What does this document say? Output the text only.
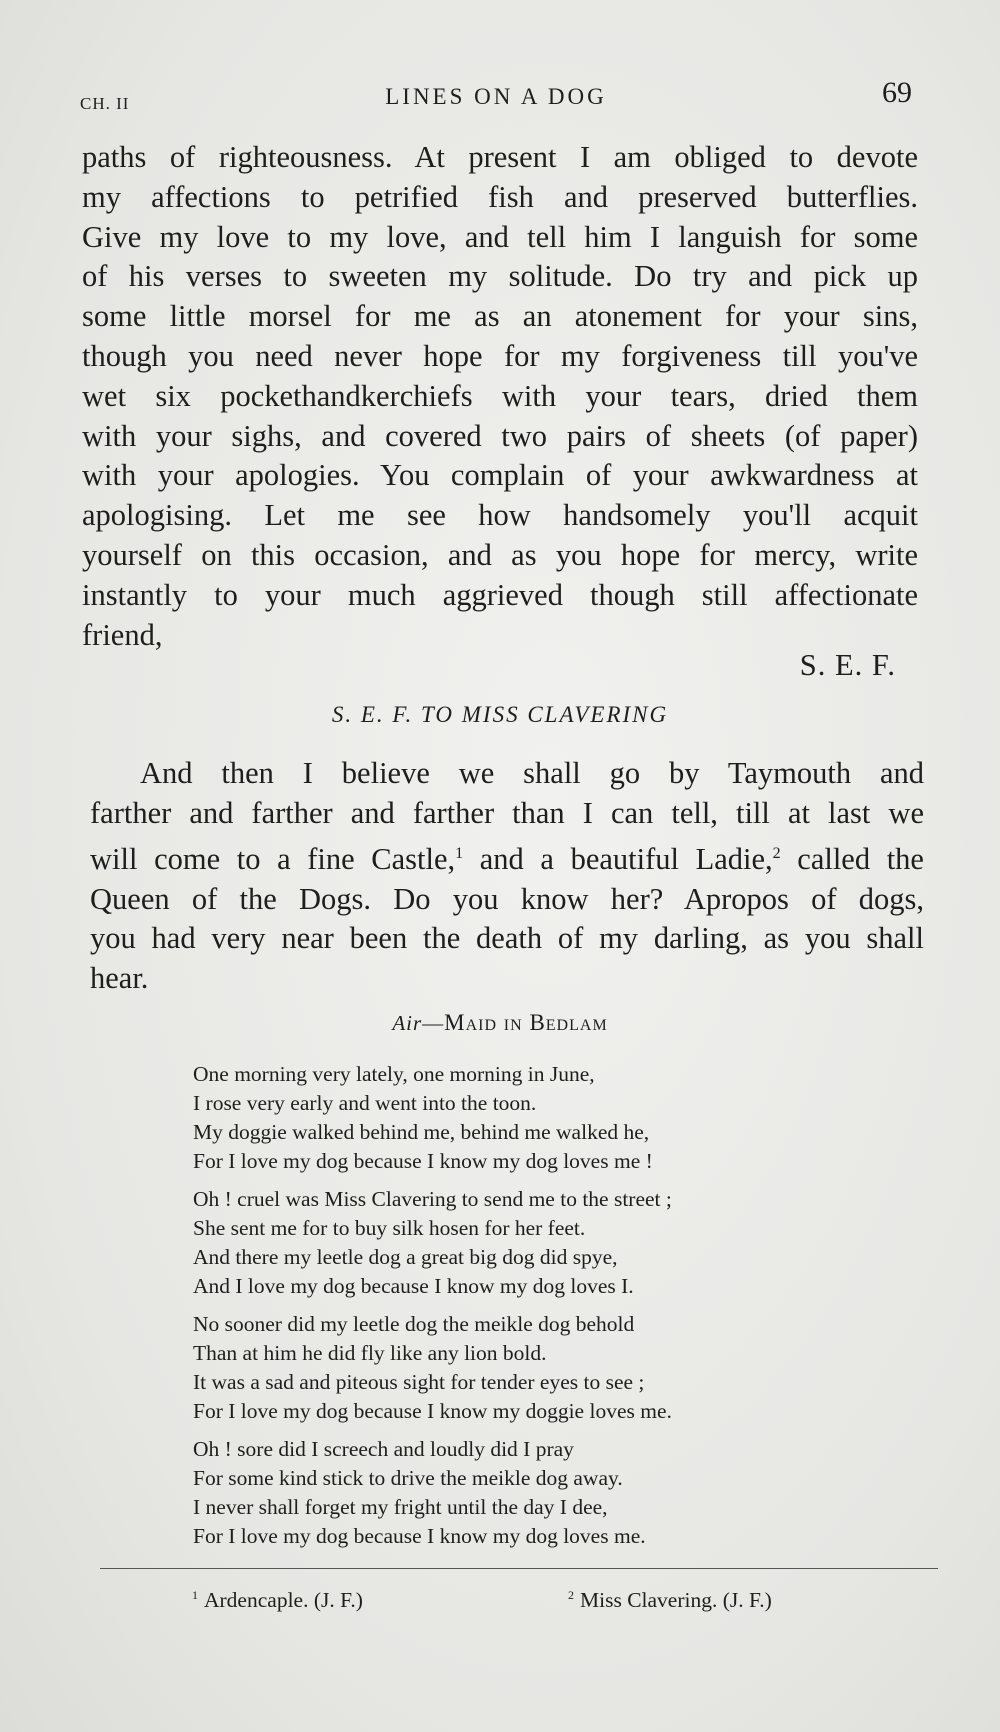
CH. II	LINES ON A DOG	69
paths of righteousness. At present I am obliged to devote
my affections to petrified fish and preserved butterflies.
Give my love to my love, and tell him I languish for some
of his verses to sweeten my solitude. Do try and pick up
some little morsel for me as an atonement for your sins,
though you need never hope for my forgiveness till you've
wet six pockethandkerchiefs with your tears, dried them
with your sighs, and covered two pairs of sheets (of paper)
with your apologies. You complain of your awkwardness at
apologising. Let me see how handsomely you'll acquit
yourself on this occasion, and as you hope for mercy, write
instantly to your much aggrieved though still affectionate
friend,
S. E. F.
S. E. F. TO MISS CLAVERING
And then I believe we shall go by Taymouth and
farther and farther and farther than I can tell, till at last we
will come to a fine Castle,$^1$ and a beautiful Ladie,$^2$ called the
Queen of the Dogs. Do you know her? Apropos of dogs,
you had very near been the death of my darling, as you shall
hear.
Air—Maid in Bedlam
One morning very lately, one morning in June,
I rose very early and went into the toon.
My doggie walked behind me, behind me walked he,
For I love my dog because I know my dog loves me !
Oh ! cruel was Miss Clavering to send me to the street ;
She sent me for to buy silk hosen for her feet.
And there my leetle dog a great big dog did spye,
And I love my dog because I know my dog loves I.
No sooner did my leetle dog the meikle dog behold
Than at him he did fly like any lion bold.
It was a sad and piteous sight for tender eyes to see ;
For I love my dog because I know my doggie loves me.
Oh ! sore did I screech and loudly did I pray
For some kind stick to drive the meikle dog away.
I never shall forget my fright until the day I dee,
For I love my dog because I know my dog loves me.
$^1$ Ardencaple. (J. F.)	$^2$ Miss Clavering. (J. F.)
